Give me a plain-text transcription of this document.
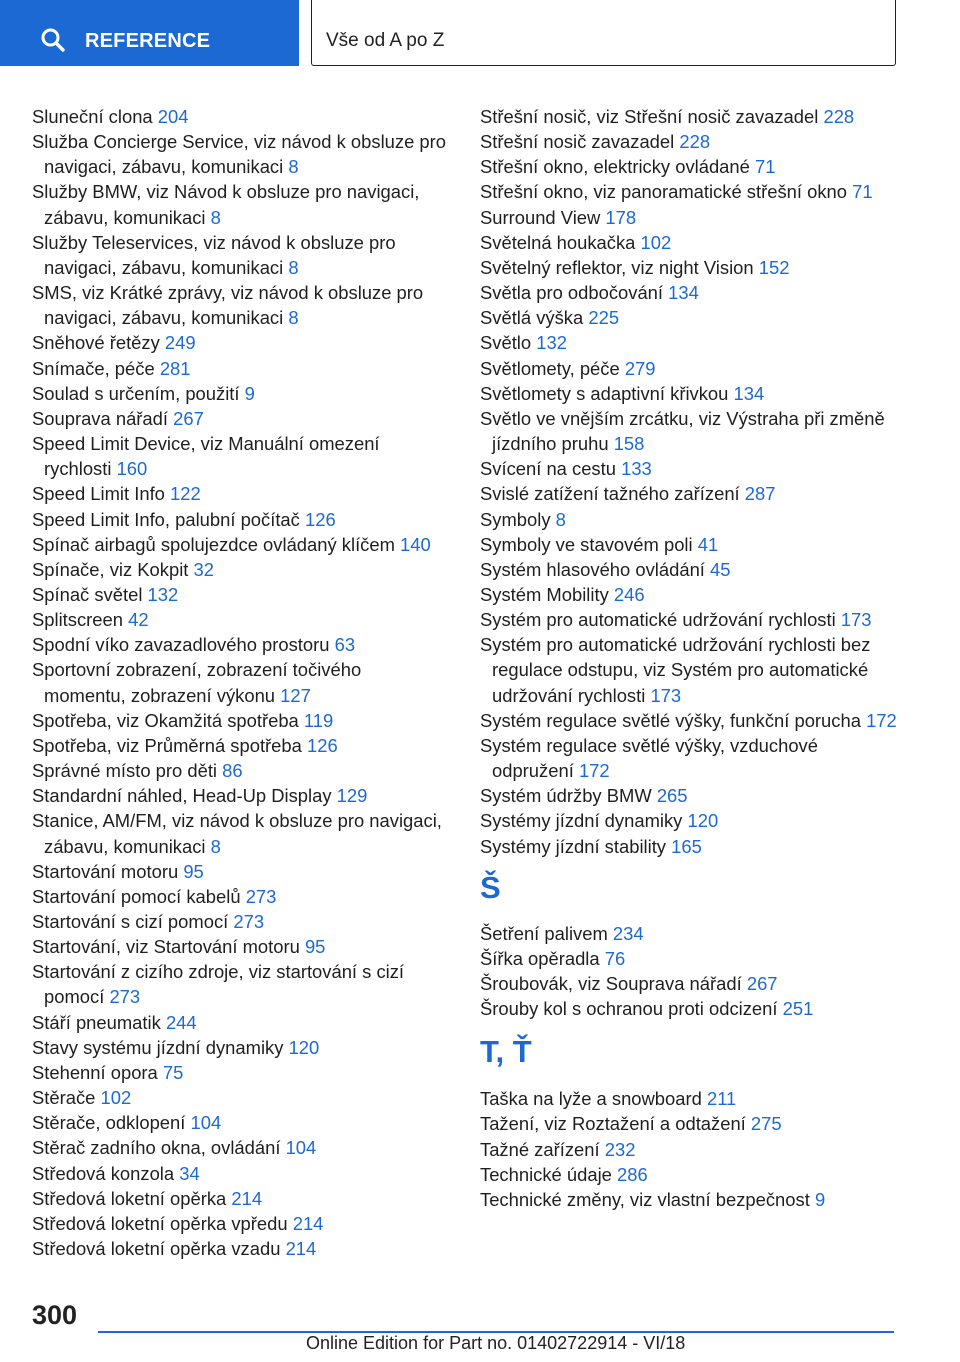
REFERENCE	Vše od A po Z
Sluneční clona 204
Služba Concierge Service, viz návod k obsluze pro navigaci, zábavu, komunikaci 8
Služby BMW, viz Návod k obsluze pro navigaci, zábavu, komunikaci 8
Služby Teleservices, viz návod k obsluze pro navigaci, zábavu, komunikaci 8
SMS, viz Krátké zprávy, viz návod k obsluze pro navigaci, zábavu, komunikaci 8
Sněhové řetězy 249
Snímače, péče 281
Soulad s určením, použití 9
Souprava nářadí 267
Speed Limit Device, viz Manuální omezení rychlosti 160
Speed Limit Info 122
Speed Limit Info, palubní počítač 126
Spínač airbagů spolujezdce ovládaný klíčem 140
Spínače, viz Kokpit 32
Spínač světel 132
Splitscreen 42
Spodní víko zavazadlového prostoru 63
Sportovní zobrazení, zobrazení točivého momentu, zobrazení výkonu 127
Spotřeba, viz Okamžitá spotřeba 119
Spotřeba, viz Průměrná spotřeba 126
Správné místo pro děti 86
Standardní náhled, Head-Up Display 129
Stanice, AM/FM, viz návod k obsluze pro navigaci, zábavu, komunikaci 8
Startování motoru 95
Startování pomocí kabelů 273
Startování s cizí pomocí 273
Startování, viz Startování motoru 95
Startování z cizího zdroje, viz startování s cizí pomocí 273
Stáří pneumatik 244
Stavy systému jízdní dynamiky 120
Stehenní opora 75
Stěrače 102
Stěrače, odklopení 104
Stěrač zadního okna, ovládání 104
Středová konzola 34
Středová loketní opěrka 214
Středová loketní opěrka vpředu 214
Středová loketní opěrka vzadu 214
Střešní nosič, viz Střešní nosič zavazadel 228
Střešní nosič zavazadel 228
Střešní okno, elektricky ovládané 71
Střešní okno, viz panoramatické střešní okno 71
Surround View 178
Světelná houkačka 102
Světelný reflektor, viz night Vision 152
Světla pro odbočování 134
Světlá výška 225
Světlo 132
Světlomety, péče 279
Světlomety s adaptivní křivkou 134
Světlo ve vnějším zrcátku, viz Výstraha při změně jízdního pruhu 158
Svícení na cestu 133
Svislé zatížení tažného zařízení 287
Symboly 8
Symboly ve stavovém poli 41
Systém hlasového ovládání 45
Systém Mobility 246
Systém pro automatické udržování rychlosti 173
Systém pro automatické udržování rychlosti bez regulace odstupu, viz Systém pro automatické udržování rychlosti 173
Systém regulace světlé výšky, funkční porucha 172
Systém regulace světlé výšky, vzduchové odpružení 172
Systém údržby BMW 265
Systémy jízdní dynamiky 120
Systémy jízdní stability 165
Š
Šetření palivem 234
Šířka opěradla 76
Šroubovák, viz Souprava nářadí 267
Šrouby kol s ochranou proti odcizení 251
T, Ť
Taška na lyže a snowboard 211
Tažení, viz Roztažení a odtažení 275
Tažné zařízení 232
Technické údaje 286
Technické změny, viz vlastní bezpečnost 9
300
Online Edition for Part no. 01402722914 - VI/18
